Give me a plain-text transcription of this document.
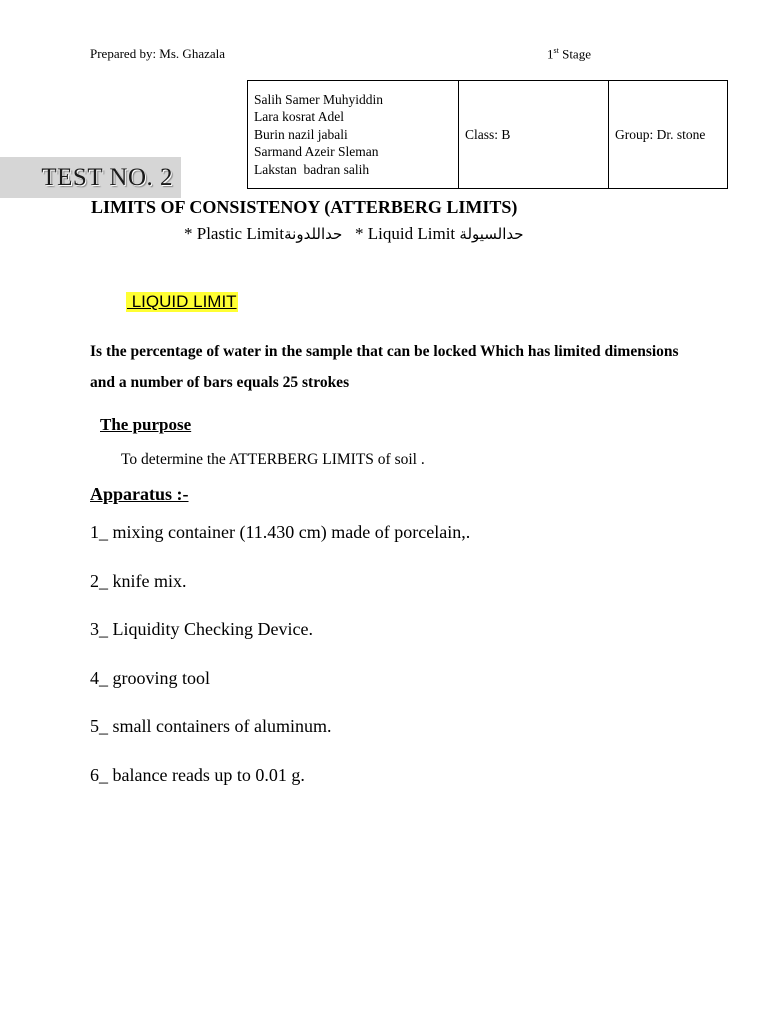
Prepared by: Ms. Ghazala	1st Stage
Salih Samer Muhyiddin
Lara kosrat Adel
Burin nazil jabali
Sarmand Azeir Sleman
Lakstan  badran salih
	Class: B	Group: Dr. stone
TEST NO. 2
LIMITS OF CONSISTENOY (ATTERBERG LIMITS)
* Plastic Limitحداللدونة * Liquid Limit حدالسيولة
LIQUID LIMIT
Is the percentage of water in the sample that can be locked Which has limited dimensions and a number of bars equals 25 strokes
The purpose
To determine the ATTERBERG LIMITS of soil .
Apparatus :-
1_ mixing container (11.430 cm) made of porcelain,.
2_ knife mix.
3_ Liquidity Checking Device.
4_ grooving tool
5_ small containers of aluminum.
6_ balance reads up to 0.01 g.
